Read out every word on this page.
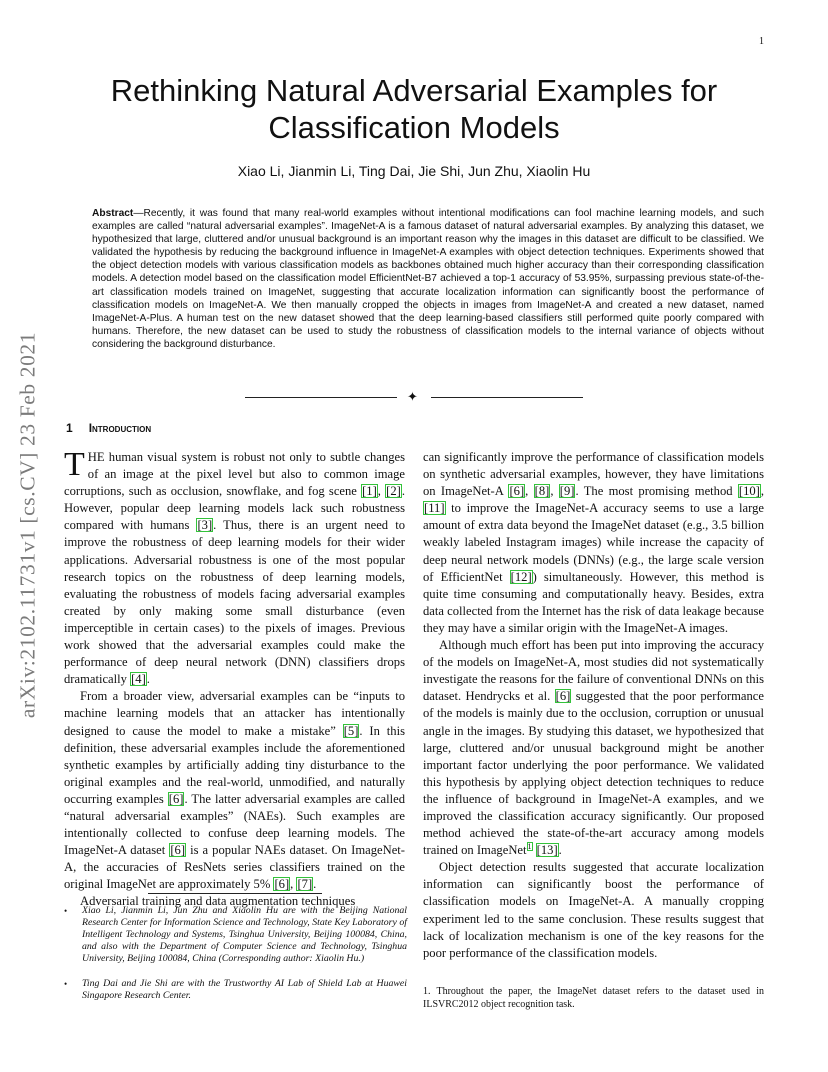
1
arXiv:2102.11731v1 [cs.CV] 23 Feb 2021
Rethinking Natural Adversarial Examples for
Classification Models
Xiao Li, Jianmin Li, Ting Dai, Jie Shi, Jun Zhu, Xiaolin Hu
Abstract—Recently, it was found that many real-world examples without intentional modifications can fool machine learning models, and such examples are called “natural adversarial examples”. ImageNet-A is a famous dataset of natural adversarial examples. By analyzing this dataset, we hypothesized that large, cluttered and/or unusual background is an important reason why the images in this dataset are difficult to be classified. We validated the hypothesis by reducing the background influence in ImageNet-A examples with object detection techniques. Experiments showed that the object detection models with various classification models as backbones obtained much higher accuracy than their corresponding classification models. A detection model based on the classification model EfficientNet-B7 achieved a top-1 accuracy of 53.95%, surpassing previous state-of-the-art classification models trained on ImageNet, suggesting that accurate localization information can significantly boost the performance of classification models on ImageNet-A. We then manually cropped the objects in images from ImageNet-A and created a new dataset, named ImageNet-A-Plus. A human test on the new dataset showed that the deep learning-based classifiers still performed quite poorly compared with humans. Therefore, the new dataset can be used to study the robustness of classification models to the internal variance of objects without considering the background disturbance.
✦
1 Introduction

THE human visual system is robust not only to subtle changes of an image at the pixel level but also to common image corruptions, such as occlusion, snowflake, and fog scene [1], [2]. However, popular deep learning models lack such robustness compared with humans [3]. Thus, there is an urgent need to improve the robustness of deep learning models for their wider applications. Adversarial robustness is one of the most popular research topics on the robustness of deep learning models, evaluating the robustness of models facing adversarial examples created by only making some small disturbance (even imperceptible in certain cases) to the pixels of images. Previous work showed that the adversarial examples could make the performance of deep neural network (DNN) classifiers drops dramatically [4].

From a broader view, adversarial examples can be “inputs to machine learning models that an attacker has intentionally designed to cause the model to make a mistake” [5]. In this definition, these adversarial examples include the aforementioned synthetic examples by artificially adding tiny disturbance to the original examples and the real-world, unmodified, and naturally occurring examples [6]. The latter adversarial examples are called “natural adversarial examples” (NAEs). Such examples are intentionally collected to confuse deep learning models. The ImageNet-A dataset [6] is a popular NAEs dataset. On ImageNet-A, the accuracies of ResNets series classifiers trained on the original ImageNet are approximately 5% [6], [7].

Adversarial training and data augmentation techniques

can significantly improve the performance of classification models on synthetic adversarial examples, however, they have limitations on ImageNet-A [6], [8], [9]. The most promising method [10], [11] to improve the ImageNet-A accuracy seems to use a large amount of extra data beyond the ImageNet dataset (e.g., 3.5 billion weakly labeled Instagram images) while increase the capacity of deep neural network models (DNNs) (e.g., the large scale version of EfficientNet [12]) simultaneously. However, this method is quite time consuming and computationally heavy. Besides, extra data collected from the Internet has the risk of data leakage because they may have a similar origin with the ImageNet-A images.

Although much effort has been put into improving the accuracy of the models on ImageNet-A, most studies did not systematically investigate the reasons for the failure of conventional DNNs on this dataset. Hendrycks et al. [6] suggested that the poor performance of the models is mainly due to the occlusion, corruption or unusual angle in the images. By studying this dataset, we hypothesized that large, cluttered and/or unusual background might be another important factor underlying the poor performance. We validated this hypothesis by applying object detection techniques to reduce the influence of background in ImageNet-A examples, and we improved the classification accuracy significantly. Our proposed method achieved the state-of-the-art accuracy among models trained on ImageNet$^1$ [13].

Object detection results suggested that accurate localization information can significantly boost the performance of classification models on ImageNet-A. A manually cropping experiment led to the same conclusion. These results suggest that lack of localization mechanism is one of the key reasons for the poor performance of the classification models.

• Xiao Li, Jianmin Li, Jun Zhu and Xiaolin Hu are with the Beijing National Research Center for Information Science and Technology, State Key Laboratory of Intelligent Technology and Systems, Tsinghua University, Beijing 100084, China, and also with the Department of Computer Science and Technology, Tsinghua University, Beijing 100084, China (Corresponding author: Xiaolin Hu.)
• Ting Dai and Jie Shi are with the Trustworthy AI Lab of Shield Lab at Huawei Singapore Research Center.	1. Throughout the paper, the ImageNet dataset refers to the dataset used in ILSVRC2012 object recognition task.
